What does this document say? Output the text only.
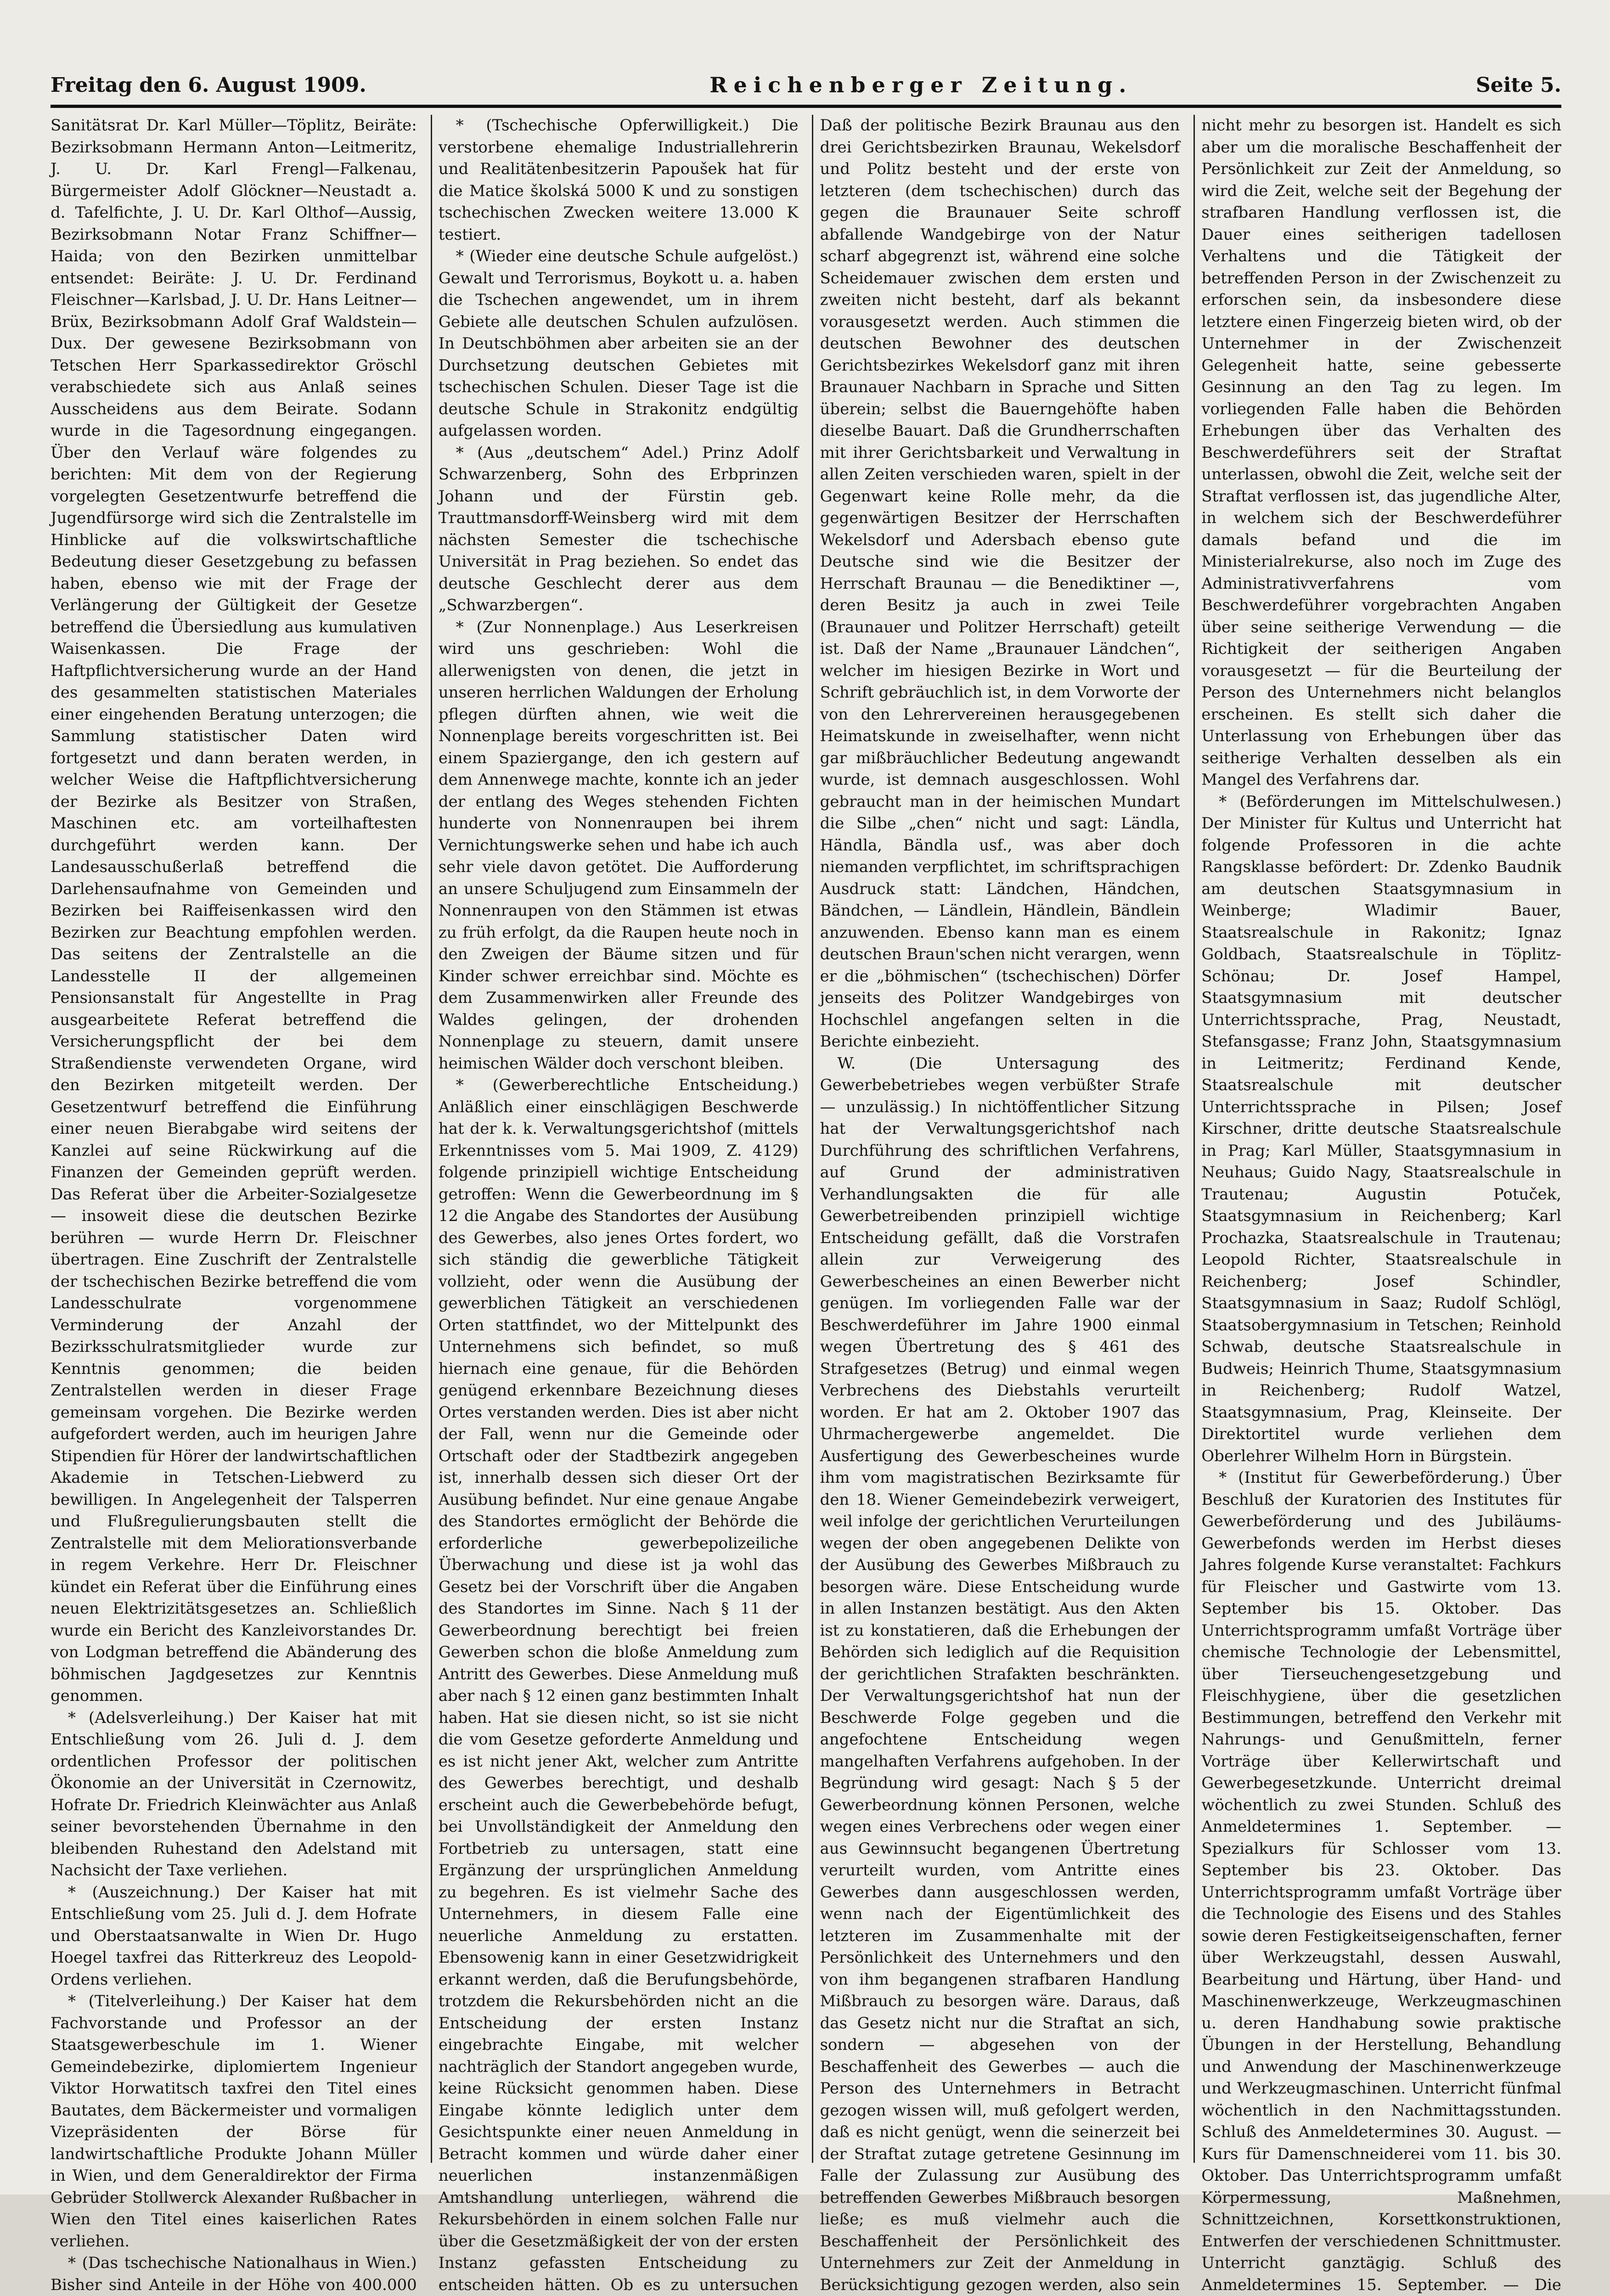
Freitag den 6. August 1909.	Reichenberger Zeitung.	Seite 5.

Sanitätsrat Dr. Karl Müller—Töplitz, Beiräte: Bezirksobmann Hermann Anton—Leitmeritz, J. U. Dr. Karl Frengl—Falkenau, Bürgermeister Adolf Glöckner—Neustadt a. d. Tafelfichte, J. U. Dr. Karl Olthof—Aussig, Bezirksobmann Notar Franz Schiffner—Haida; von den Bezirken unmittelbar entsendet: Beiräte: J. U. Dr. Ferdinand Fleischner—Karlsbad, J. U. Dr. Hans Leitner—Brüx, Bezirksobmann Adolf Graf Waldstein—Dux. Der gewesene Bezirksobmann von Tetschen Herr Sparkassedirektor Gröschl verabschiedete sich aus Anlaß seines Ausscheidens aus dem Beirate. Sodann wurde in die Tagesordnung eingegangen. Über den Verlauf wäre folgendes zu berichten: Mit dem von der Regierung vorgelegten Gesetzentwurfe betreffend die Jugendfürsorge wird sich die Zentralstelle im Hinblicke auf die volkswirtschaftliche Bedeutung dieser Gesetzgebung zu befassen haben, ebenso wie mit der Frage der Verlängerung der Gültigkeit der Gesetze betreffend die Übersiedlung aus kumulativen Waisenkassen. Die Frage der Haftpflichtversicherung wurde an der Hand des gesammelten statistischen Materiales einer eingehenden Beratung unterzogen; die Sammlung statistischer Daten wird fortgesetzt und dann beraten werden, in welcher Weise die Haftpflichtversicherung der Bezirke als Besitzer von Straßen, Maschinen etc. am vorteilhaftesten durchgeführt werden kann. Der Landesausschußerlaß betreffend die Darlehensaufnahme von Gemeinden und Bezirken bei Raiffeisenkassen wird den Bezirken zur Beachtung empfohlen werden. Das seitens der Zentralstelle an die Landesstelle II der allgemeinen Pensionsanstalt für Angestellte in Prag ausgearbeitete Referat betreffend die Versicherungspflicht der bei dem Straßendienste verwendeten Organe, wird den Bezirken mitgeteilt werden. Der Gesetzentwurf betreffend die Einführung einer neuen Bierabgabe wird seitens der Kanzlei auf seine Rückwirkung auf die Finanzen der Gemeinden geprüft werden. Das Referat über die Arbeiter-Sozialgesetze — insoweit diese die deutschen Bezirke berühren — wurde Herrn Dr. Fleischner übertragen. Eine Zuschrift der Zentralstelle der tschechischen Bezirke betreffend die vom Landesschulrate vorgenommene Verminderung der Anzahl der Bezirksschulratsmitglieder wurde zur Kenntnis genommen; die beiden Zentralstellen werden in dieser Frage gemeinsam vorgehen. Die Bezirke werden aufgefordert werden, auch im heurigen Jahre Stipendien für Hörer der landwirtschaftlichen Akademie in Tetschen-Liebwerd zu bewilligen. In Angelegenheit der Talsperren und Flußregulierungsbauten stellt die Zentralstelle mit dem Meliorationsverbande in regem Verkehre. Herr Dr. Fleischner kündet ein Referat über die Einführung eines neuen Elektrizitätsgesetzes an. Schließlich wurde ein Bericht des Kanzleivorstandes Dr. von Lodgman betreffend die Abänderung des böhmischen Jagdgesetzes zur Kenntnis genommen.

* (Adelsverleihung.) Der Kaiser hat mit Entschließung vom 26. Juli d. J. dem ordentlichen Professor der politischen Ökonomie an der Universität in Czernowitz, Hofrate Dr. Friedrich Kleinwächter aus Anlaß seiner bevorstehenden Übernahme in den bleibenden Ruhestand den Adelstand mit Nachsicht der Taxe verliehen.

* (Auszeichnung.) Der Kaiser hat mit Entschließung vom 25. Juli d. J. dem Hofrate und Oberstaatsanwalte in Wien Dr. Hugo Hoegel taxfrei das Ritterkreuz des Leopold-Ordens verliehen.

* (Titelverleihung.) Der Kaiser hat dem Fachvorstande und Professor an der Staatsgewerbeschule im 1. Wiener Gemeindebezirke, diplomiertem Ingenieur Viktor Horwatitsch taxfrei den Titel eines Bautates, dem Bäckermeister und vormaligen Vizepräsidenten der Börse für landwirtschaftliche Produkte Johann Müller in Wien, und dem Generaldirektor der Firma Gebrüder Stollwerck Alexander Rußbacher in Wien den Titel eines kaiserlichen Rates verliehen.

* (Das tschechische Nationalhaus in Wien.) Bisher sind Anteile in der Höhe von 400.000

* (Tschechische Opferwilligkeit.) Die verstorbene ehemalige Industriallehrerin und Realitätenbesitzerin Papoušek hat für die Matice školská 5000 K und zu sonstigen tschechischen Zwecken weitere 13.000 K testiert.

* (Wieder eine deutsche Schule aufgelöst.) Gewalt und Terrorismus, Boykott u. a. haben die Tschechen angewendet, um in ihrem Gebiete alle deutschen Schulen aufzulösen. In Deutschböhmen aber arbeiten sie an der Durchsetzung deutschen Gebietes mit tschechischen Schulen. Dieser Tage ist die deutsche Schule in Strakonitz endgültig aufgelassen worden.

* (Aus „deutschem“ Adel.) Prinz Adolf Schwarzenberg, Sohn des Erbprinzen Johann und der Fürstin geb. Trauttmansdorff-Weinsberg wird mit dem nächsten Semester die tschechische Universität in Prag beziehen. So endet das deutsche Geschlecht derer aus dem „Schwarzbergen“.

* (Zur Nonnenplage.) Aus Leserkreisen wird uns geschrieben: Wohl die allerwenigsten von denen, die jetzt in unseren herrlichen Waldungen der Erholung pflegen dürften ahnen, wie weit die Nonnenplage bereits vorgeschritten ist. Bei einem Spaziergange, den ich gestern auf dem Annenwege machte, konnte ich an jeder der entlang des Weges stehenden Fichten hunderte von Nonnenraupen bei ihrem Vernichtungswerke sehen und habe ich auch sehr viele davon getötet. Die Aufforderung an unsere Schuljugend zum Einsammeln der Nonnenraupen von den Stämmen ist etwas zu früh erfolgt, da die Raupen heute noch in den Zweigen der Bäume sitzen und für Kinder schwer erreichbar sind. Möchte es dem Zusammenwirken aller Freunde des Waldes gelingen, der drohenden Nonnenplage zu steuern, damit unsere heimischen Wälder doch verschont bleiben.

* (Gewerberechtliche Entscheidung.) Anläßlich einer einschlägigen Beschwerde hat der k. k. Verwaltungsgerichtshof (mittels Erkenntnisses vom 5. Mai 1909, Z. 4129) folgende prinzipiell wichtige Entscheidung getroffen: Wenn die Gewerbeordnung im § 12 die Angabe des Standortes der Ausübung des Gewerbes, also jenes Ortes fordert, wo sich ständig die gewerbliche Tätigkeit vollzieht, oder wenn die Ausübung der gewerblichen Tätigkeit an verschiedenen Orten stattfindet, wo der Mittelpunkt des Unternehmens sich befindet, so muß hiernach eine genaue, für die Behörden genügend erkennbare Bezeichnung dieses Ortes verstanden werden. Dies ist aber nicht der Fall, wenn nur die Gemeinde oder Ortschaft oder der Stadtbezirk angegeben ist, innerhalb dessen sich dieser Ort der Ausübung befindet. Nur eine genaue Angabe des Standortes ermöglicht der Behörde die erforderliche gewerbepolizeiliche Überwachung und diese ist ja wohl das Gesetz bei der Vorschrift über die Angaben des Standortes im Sinne. Nach § 11 der Gewerbeordnung berechtigt bei freien Gewerben schon die bloße Anmeldung zum Antritt des Gewerbes. Diese Anmeldung muß aber nach § 12 einen ganz bestimmten Inhalt haben. Hat sie diesen nicht, so ist sie nicht die vom Gesetze geforderte Anmeldung und es ist nicht jener Akt, welcher zum Antritte des Gewerbes berechtigt, und deshalb erscheint auch die Gewerbebehörde befugt, bei Unvollständigkeit der Anmeldung den Fortbetrieb zu untersagen, statt eine Ergänzung der ursprünglichen Anmeldung zu begehren. Es ist vielmehr Sache des Unternehmers, in diesem Falle eine neuerliche Anmeldung zu erstatten. Ebensowenig kann in einer Gesetzwidrigkeit erkannt werden, daß die Berufungsbehörde, trotzdem die Rekursbehörden nicht an die Entscheidung der ersten Instanz eingebrachte Eingabe, mit welcher nachträglich der Standort angegeben wurde, keine Rücksicht genommen haben. Diese Eingabe könnte lediglich unter dem Gesichtspunkte einer neuen Anmeldung in Betracht kommen und würde daher einer neuerlichen instanzenmäßigen Amtshandlung unterliegen, während die Rekursbehörden in einem solchen Falle nur über die Gesetzmäßigkeit der von der ersten Instanz gefassten Entscheidung zu entscheiden hätten. Ob es zu untersuchen

Daß der politische Bezirk Braunau aus den drei Gerichtsbezirken Braunau, Wekelsdorf und Politz besteht und der erste von letzteren (dem tschechischen) durch das gegen die Braunauer Seite schroff abfallende Wandgebirge von der Natur scharf abgegrenzt ist, während eine solche Scheidemauer zwischen dem ersten und zweiten nicht besteht, darf als bekannt vorausgesetzt werden. Auch stimmen die deutschen Bewohner des deutschen Gerichtsbezirkes Wekelsdorf ganz mit ihren Braunauer Nachbarn in Sprache und Sitten überein; selbst die Bauerngehöfte haben dieselbe Bauart. Daß die Grundherrschaften mit ihrer Gerichtsbarkeit und Verwaltung in allen Zeiten verschieden waren, spielt in der Gegenwart keine Rolle mehr, da die gegenwärtigen Besitzer der Herrschaften Wekelsdorf und Adersbach ebenso gute Deutsche sind wie die Besitzer der Herrschaft Braunau — die Benediktiner —, deren Besitz ja auch in zwei Teile (Braunauer und Politzer Herrschaft) geteilt ist. Daß der Name „Braunauer Ländchen“, welcher im hiesigen Bezirke in Wort und Schrift gebräuchlich ist, in dem Vorworte der von den Lehrervereinen herausgegebenen Heimatskunde in zweiselhafter, wenn nicht gar mißbräuchlicher Bedeutung angewandt wurde, ist demnach ausgeschlossen. Wohl gebraucht man in der heimischen Mundart die Silbe „chen“ nicht und sagt: Ländla, Händla, Bändla usf., was aber doch niemanden verpflichtet, im schriftsprachigen Ausdruck statt: Ländchen, Händchen, Bändchen, — Ländlein, Händlein, Bändlein anzuwenden. Ebenso kann man es einem deutschen Braun'schen nicht verargen, wenn er die „böhmischen“ (tschechischen) Dörfer jenseits des Politzer Wandgebirges von Hochschlel angefangen selten in die Berichte einbezieht.

W. (Die Untersagung des Gewerbebetriebes wegen verbüßter Strafe — unzulässig.) In nichtöffentlicher Sitzung hat der Verwaltungsgerichtshof nach Durchführung des schriftlichen Verfahrens, auf Grund der administrativen Verhandlungsakten die für alle Gewerbetreibenden prinzipiell wichtige Entscheidung gefällt, daß die Vorstrafen allein zur Verweigerung des Gewerbescheines an einen Bewerber nicht genügen. Im vorliegenden Falle war der Beschwerdeführer im Jahre 1900 einmal wegen Übertretung des § 461 des Strafgesetzes (Betrug) und einmal wegen Verbrechens des Diebstahls verurteilt worden. Er hat am 2. Oktober 1907 das Uhrmachergewerbe angemeldet. Die Ausfertigung des Gewerbescheines wurde ihm vom magistratischen Bezirksamte für den 18. Wiener Gemeindebezirk verweigert, weil infolge der gerichtlichen Verurteilungen wegen der oben angegebenen Delikte von der Ausübung des Gewerbes Mißbrauch zu besorgen wäre. Diese Entscheidung wurde in allen Instanzen bestätigt. Aus den Akten ist zu konstatieren, daß die Erhebungen der Behörden sich lediglich auf die Requisition der gerichtlichen Strafakten beschränkten. Der Verwaltungsgerichtshof hat nun der Beschwerde Folge gegeben und die angefochtene Entscheidung wegen mangelhaften Verfahrens aufgehoben. In der Begründung wird gesagt: Nach § 5 der Gewerbeordnung können Personen, welche wegen eines Verbrechens oder wegen einer aus Gewinnsucht begangenen Übertretung verurteilt wurden, vom Antritte eines Gewerbes dann ausgeschlossen werden, wenn nach der Eigentümlichkeit des letzteren im Zusammenhalte mit der Persönlichkeit des Unternehmers und den von ihm begangenen strafbaren Handlung Mißbrauch zu besorgen wäre. Daraus, daß das Gesetz nicht nur die Straftat an sich, sondern — abgesehen von der Beschaffenheit des Gewerbes — auch die Person des Unternehmers in Betracht gezogen wissen will, muß gefolgert werden, daß es nicht genügt, wenn die seinerzeit bei der Straftat zutage getretene Gesinnung im Falle der Zulassung zur Ausübung des betreffenden Gewerbes Mißbrauch besorgen ließe; es muß vielmehr auch die Beschaffenheit der Persönlichkeit des Unternehmers zur Zeit der Anmeldung in Berücksichtigung gezogen werden, also sein

nicht mehr zu besorgen ist. Handelt es sich aber um die moralische Beschaffenheit der Persönlichkeit zur Zeit der Anmeldung, so wird die Zeit, welche seit der Begehung der strafbaren Handlung verflossen ist, die Dauer eines seitherigen tadellosen Verhaltens und die Tätigkeit der betreffenden Person in der Zwischenzeit zu erforschen sein, da insbesondere diese letztere einen Fingerzeig bieten wird, ob der Unternehmer in der Zwischenzeit Gelegenheit hatte, seine gebesserte Gesinnung an den Tag zu legen. Im vorliegenden Falle haben die Behörden Erhebungen über das Verhalten des Beschwerdeführers seit der Straftat unterlassen, obwohl die Zeit, welche seit der Straftat verflossen ist, das jugendliche Alter, in welchem sich der Beschwerdeführer damals befand und die im Ministerialrekurse, also noch im Zuge des Administrativverfahrens vom Beschwerdeführer vorgebrachten Angaben über seine seitherige Verwendung — die Richtigkeit der seitherigen Angaben vorausgesetzt — für die Beurteilung der Person des Unternehmers nicht belanglos erscheinen. Es stellt sich daher die Unterlassung von Erhebungen über das seitherige Verhalten desselben als ein Mangel des Verfahrens dar.

* (Beförderungen im Mittelschulwesen.) Der Minister für Kultus und Unterricht hat folgende Professoren in die achte Rangsklasse befördert: Dr. Zdenko Baudnik am deutschen Staatsgymnasium in Weinberge; Wladimir Bauer, Staatsrealschule in Rakonitz; Ignaz Goldbach, Staatsrealschule in Töplitz-Schönau; Dr. Josef Hampel, Staatsgymnasium mit deutscher Unterrichtssprache, Prag, Neustadt, Stefansgasse; Franz John, Staatsgymnasium in Leitmeritz; Ferdinand Kende, Staatsrealschule mit deutscher Unterrichtssprache in Pilsen; Josef Kirschner, dritte deutsche Staatsrealschule in Prag; Karl Müller, Staatsgymnasium in Neuhaus; Guido Nagy, Staatsrealschule in Trautenau; Augustin Potuček, Staatsgymnasium in Reichenberg; Karl Prochazka, Staatsrealschule in Trautenau; Leopold Richter, Staatsrealschule in Reichenberg; Josef Schindler, Staatsgymnasium in Saaz; Rudolf Schlögl, Staatsobergymnasium in Tetschen; Reinhold Schwab, deutsche Staatsrealschule in Budweis; Heinrich Thume, Staatsgymnasium in Reichenberg; Rudolf Watzel, Staatsgymnasium, Prag, Kleinseite. Der Direktortitel wurde verliehen dem Oberlehrer Wilhelm Horn in Bürgstein.

* (Institut für Gewerbeförderung.) Über Beschluß der Kuratorien des Institutes für Gewerbeförderung und des Jubiläums-Gewerbefonds werden im Herbst dieses Jahres folgende Kurse veranstaltet: Fachkurs für Fleischer und Gastwirte vom 13. September bis 15. Oktober. Das Unterrichtsprogramm umfaßt Vorträge über chemische Technologie der Lebensmittel, über Tierseuchengesetzgebung und Fleischhygiene, über die gesetzlichen Bestimmungen, betreffend den Verkehr mit Nahrungs- und Genußmitteln, ferner Vorträge über Kellerwirtschaft und Gewerbegesetzkunde. Unterricht dreimal wöchentlich zu zwei Stunden. Schluß des Anmeldetermines 1. September. — Spezialkurs für Schlosser vom 13. September bis 23. Oktober. Das Unterrichtsprogramm umfaßt Vorträge über die Technologie des Eisens und des Stahles sowie deren Festigkeitseigenschaften, ferner über Werkzeugstahl, dessen Auswahl, Bearbeitung und Härtung, über Hand- und Maschinenwerkzeuge, Werkzeugmaschinen u. deren Handhabung sowie praktische Übungen in der Herstellung, Behandlung und Anwendung der Maschinenwerkzeuge und Werkzeugmaschinen. Unterricht fünfmal wöchentlich in den Nachmittagsstunden. Schluß des Anmeldetermines 30. August. — Kurs für Damenschneiderei vom 11. bis 30. Oktober. Das Unterrichtsprogramm umfaßt Körpermessung, Maßnehmen, Schnittzeichnen, Korsettkonstruktionen, Entwerfen der verschiedenen Schnittmuster. Unterricht ganztägig. Schluß des Anmeldetermines 15. September. — Die
